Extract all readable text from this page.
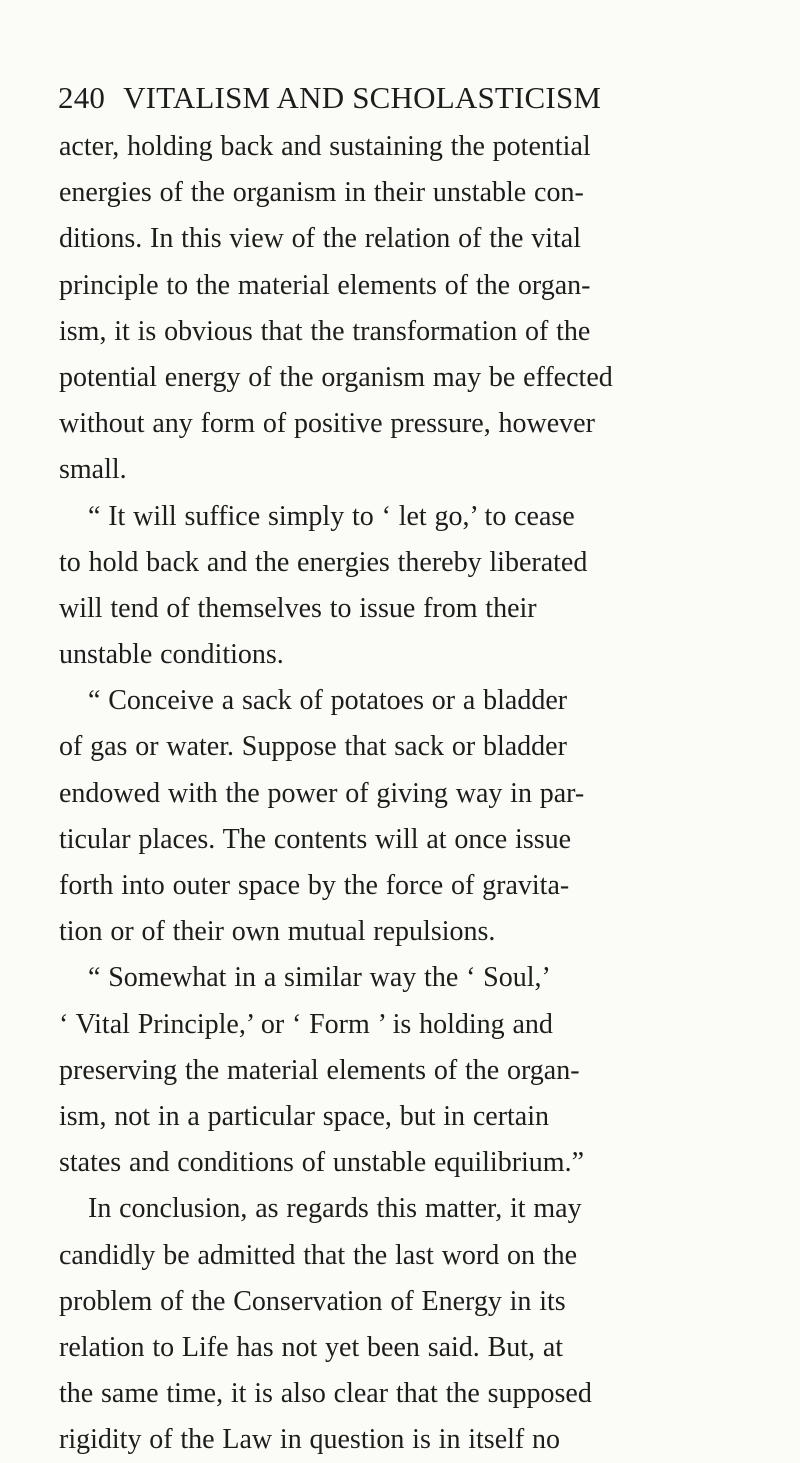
240 VITALISM AND SCHOLASTICISM
acter, holding back and sustaining the potential
energies of the organism in their unstable con-
ditions. In this view of the relation of the vital
principle to the material elements of the organ-
ism, it is obvious that the transformation of the
potential energy of the organism may be effected
without any form of positive pressure, however
small.
“ It will suffice simply to ‘ let go,’ to cease
to hold back and the energies thereby liberated
will tend of themselves to issue from their
unstable conditions.
“ Conceive a sack of potatoes or a bladder
of gas or water. Suppose that sack or bladder
endowed with the power of giving way in par-
ticular places. The contents will at once issue
forth into outer space by the force of gravita-
tion or of their own mutual repulsions.
“ Somewhat in a similar way the ‘ Soul,’
‘ Vital Principle,’ or ‘ Form ’ is holding and
preserving the material elements of the organ-
ism, not in a particular space, but in certain
states and conditions of unstable equilibrium.”
In conclusion, as regards this matter, it may
candidly be admitted that the last word on the
problem of the Conservation of Energy in its
relation to Life has not yet been said. But, at
the same time, it is also clear that the supposed
rigidity of the Law in question is in itself no
